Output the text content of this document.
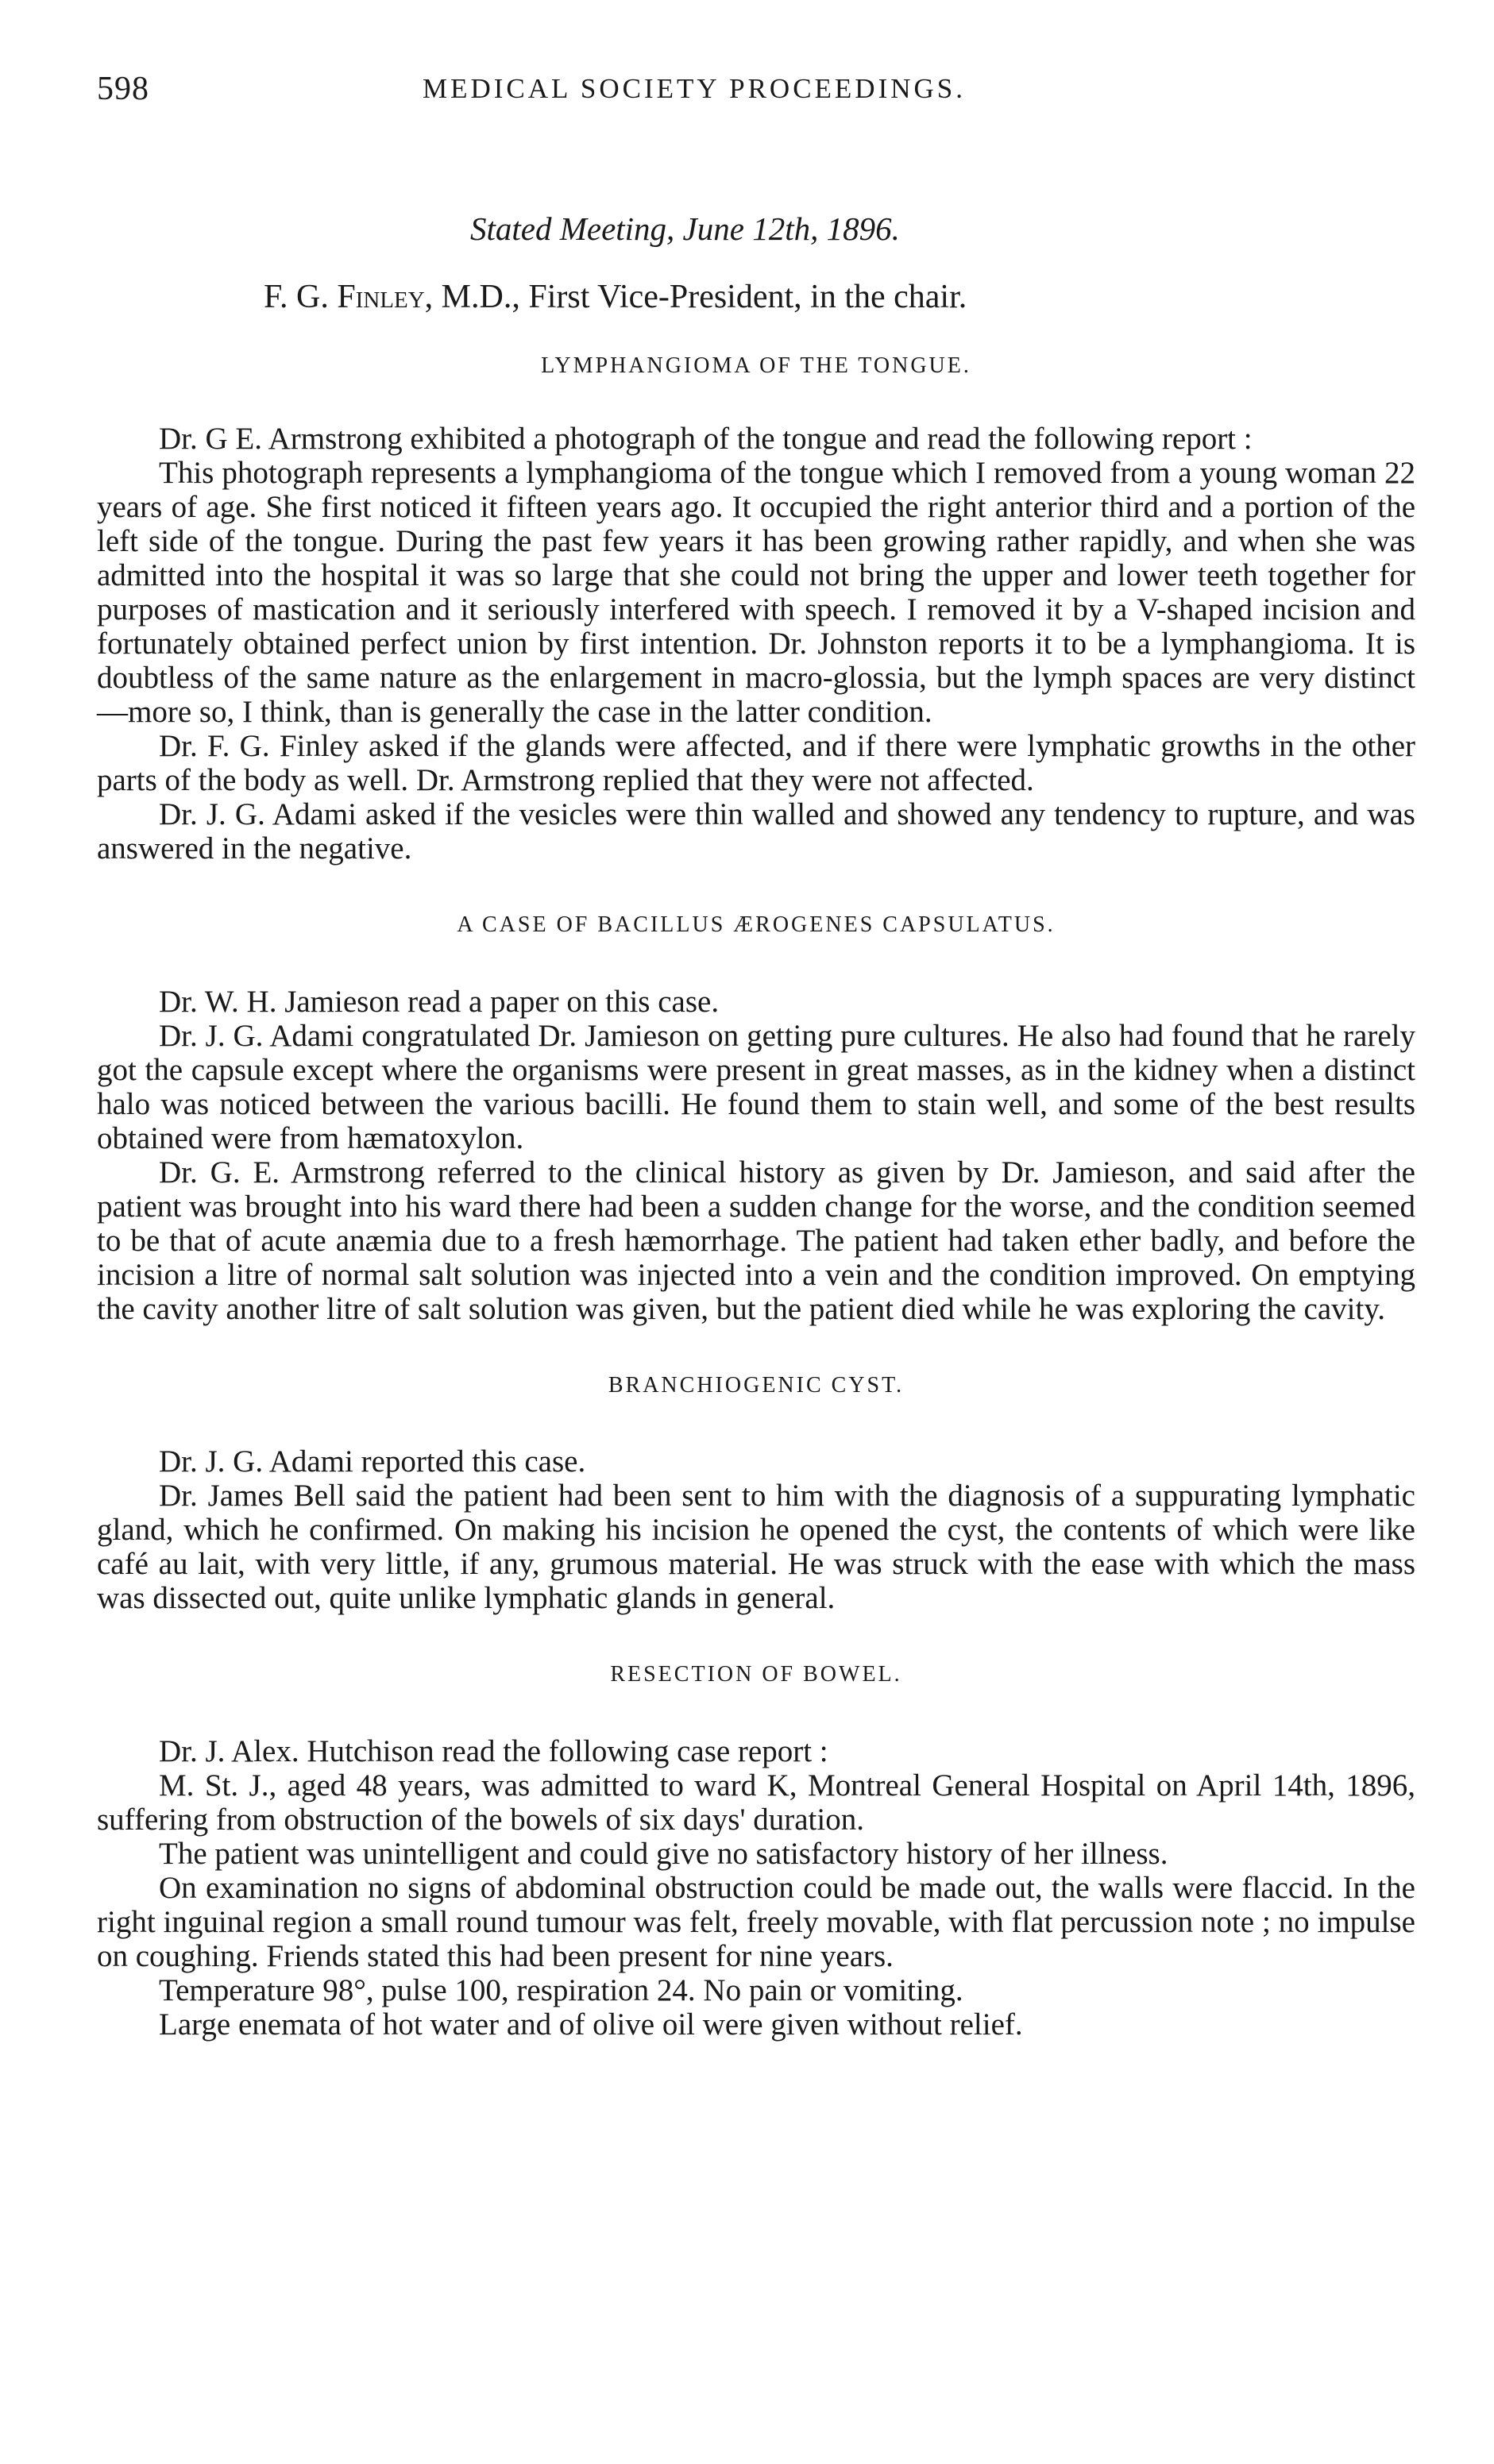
598	MEDICAL SOCIETY PROCEEDINGS.
Stated Meeting, June 12th, 1896.
F. G. Finley, M.D., First Vice-President, in the chair.
LYMPHANGIOMA OF THE TONGUE.

Dr. G E. Armstrong exhibited a photograph of the tongue and read the following report :

This photograph represents a lymphangioma of the tongue which I removed from a young woman 22 years of age. She first noticed it fifteen years ago. It occupied the right anterior third and a portion of the left side of the tongue. During the past few years it has been growing rather rapidly, and when she was admitted into the hospital it was so large that she could not bring the upper and lower teeth together for purposes of mastication and it seriously interfered with speech. I removed it by a V-shaped incision and fortunately obtained perfect union by first intention. Dr. Johnston reports it to be a lymphangioma. It is doubtless of the same nature as the enlargement in macro-glossia, but the lymph spaces are very distinct—more so, I think, than is generally the case in the latter condition.

Dr. F. G. Finley asked if the glands were affected, and if there were lymphatic growths in the other parts of the body as well. Dr. Armstrong replied that they were not affected.

Dr. J. G. Adami asked if the vesicles were thin walled and showed any tendency to rupture, and was answered in the negative.

A CASE OF BACILLUS ÆROGENES CAPSULATUS.

Dr. W. H. Jamieson read a paper on this case.

Dr. J. G. Adami congratulated Dr. Jamieson on getting pure cultures. He also had found that he rarely got the capsule except where the organisms were present in great masses, as in the kidney when a distinct halo was noticed between the various bacilli. He found them to stain well, and some of the best results obtained were from hæmatoxylon.

Dr. G. E. Armstrong referred to the clinical history as given by Dr. Jamieson, and said after the patient was brought into his ward there had been a sudden change for the worse, and the condition seemed to be that of acute anæmia due to a fresh hæmorrhage. The patient had taken ether badly, and before the incision a litre of normal salt solution was injected into a vein and the condition improved. On emptying the cavity another litre of salt solution was given, but the patient died while he was exploring the cavity.

BRANCHIOGENIC CYST.

Dr. J. G. Adami reported this case.

Dr. James Bell said the patient had been sent to him with the diagnosis of a suppurating lymphatic gland, which he confirmed. On making his incision he opened the cyst, the contents of which were like café au lait, with very little, if any, grumous material. He was struck with the ease with which the mass was dissected out, quite unlike lymphatic glands in general.

RESECTION OF BOWEL.

Dr. J. Alex. Hutchison read the following case report :

M. St. J., aged 48 years, was admitted to ward K, Montreal General Hospital on April 14th, 1896, suffering from obstruction of the bowels of six days' duration.

The patient was unintelligent and could give no satisfactory history of her illness.

On examination no signs of abdominal obstruction could be made out, the walls were flaccid. In the right inguinal region a small round tumour was felt, freely movable, with flat percussion note ; no impulse on coughing. Friends stated this had been present for nine years.

Temperature 98°, pulse 100, respiration 24. No pain or vomiting.

Large enemata of hot water and of olive oil were given without relief.
